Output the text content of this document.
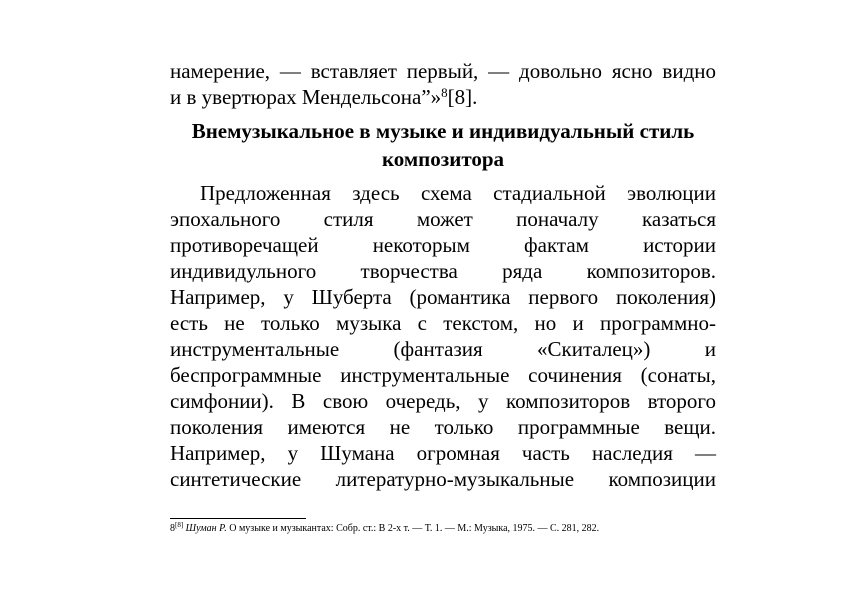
намерение, — вставляет первый, — довольно ясно видно
и в увертюрах Мендельсона”»$^8$[8].
Внемузыкальное в музыке и индивидуальный стиль
композитора
Предложенная здесь схема стадиальной эволюции
эпохального стиля может поначалу казаться
противоречащей некоторым фактам истории
индивидульного творчества ряда композиторов.
Например, у Шуберта (романтика первого поколения)
есть не только музыка с текстом, но и программно-
инструментальные (фантазия «Скиталец») и
беспрограммные инструментальные сочинения (сонаты,
симфонии). В свою очередь, у композиторов второго
поколения имеются не только программные вещи.
Например, у Шумана огромная часть наследия —
синтетические литературно-музыкальные композиции
8[8] Шуман Р. О музыке и музыкантах: Собр. ст.: В 2-х т. — Т. 1. — М.: Музыка, 1975. — С. 281, 282.
